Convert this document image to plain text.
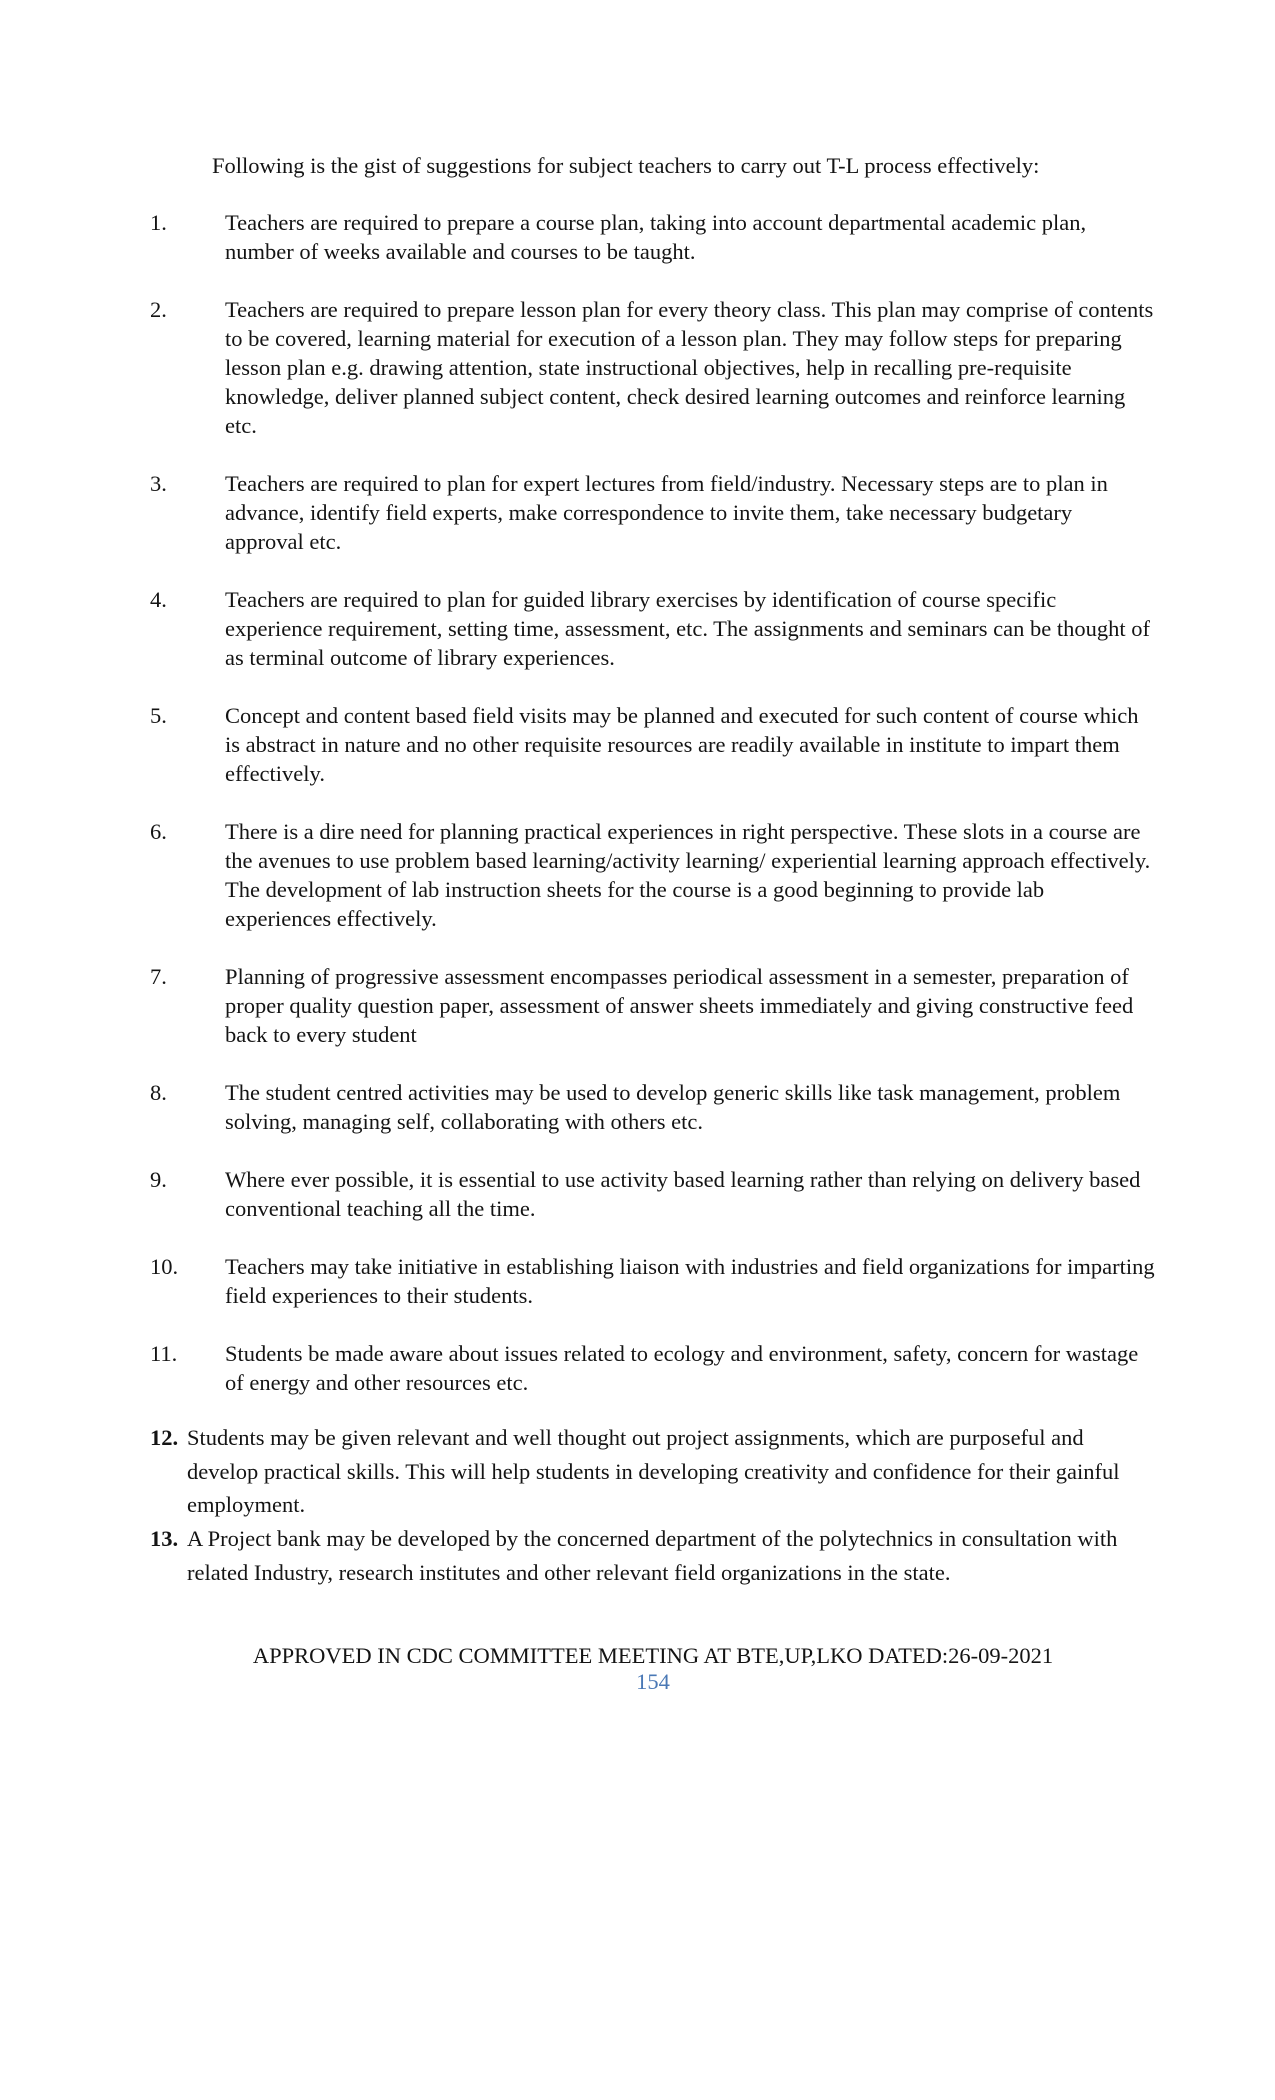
Following is the gist of suggestions for subject teachers to carry out T-L process effectively:
1.	Teachers are required to prepare a course plan, taking into account departmental academic plan, number of weeks available and courses to be taught.
2.	Teachers are required to prepare lesson plan for every theory class. This plan may comprise of contents to be covered, learning material for execution of a lesson plan. They may follow steps for preparing lesson plan e.g. drawing attention, state instructional objectives, help in recalling pre-requisite knowledge, deliver planned subject content, check desired learning outcomes and reinforce learning etc.
3.	Teachers are required to plan for expert lectures from field/industry. Necessary steps are to plan in advance, identify field experts, make correspondence to invite them, take necessary budgetary approval etc.
4.	Teachers are required to plan for guided library exercises by identification of course specific experience requirement, setting time, assessment, etc. The assignments and seminars can be thought of as terminal outcome of library experiences.
5.	Concept and content based field visits may be planned and executed for such content of course which is abstract in nature and no other requisite resources are readily available in institute to impart them effectively.
6.	There is a dire need for planning practical experiences in right perspective. These slots in a course are the avenues to use problem based learning/activity learning/ experiential learning approach effectively. The development of lab instruction sheets for the course is a good beginning to provide lab experiences effectively.
7.	Planning of progressive assessment encompasses periodical assessment in a semester, preparation of proper quality question paper, assessment of answer sheets immediately and giving constructive feed back to every student
8.	The student centred activities may be used to develop generic skills like task management, problem solving, managing self, collaborating with others etc.
9.	Where ever possible, it is essential to use activity based learning rather than relying on delivery based conventional teaching all the time.
10. Teachers may take initiative in establishing liaison with industries and field organizations for imparting field experiences to their students.
11. Students be made aware about issues related to ecology and environment, safety, concern for wastage of energy and other resources etc.
12. Students may be given relevant and well thought out project assignments, which are purposeful and develop practical skills. This will help students in developing creativity and confidence for their gainful employment.
13. A Project bank may be developed by the concerned department of the polytechnics in consultation with related Industry, research institutes and other relevant field organizations in the state.
APPROVED IN CDC COMMITTEE MEETING AT BTE,UP,LKO DATED:26-09-2021
154
